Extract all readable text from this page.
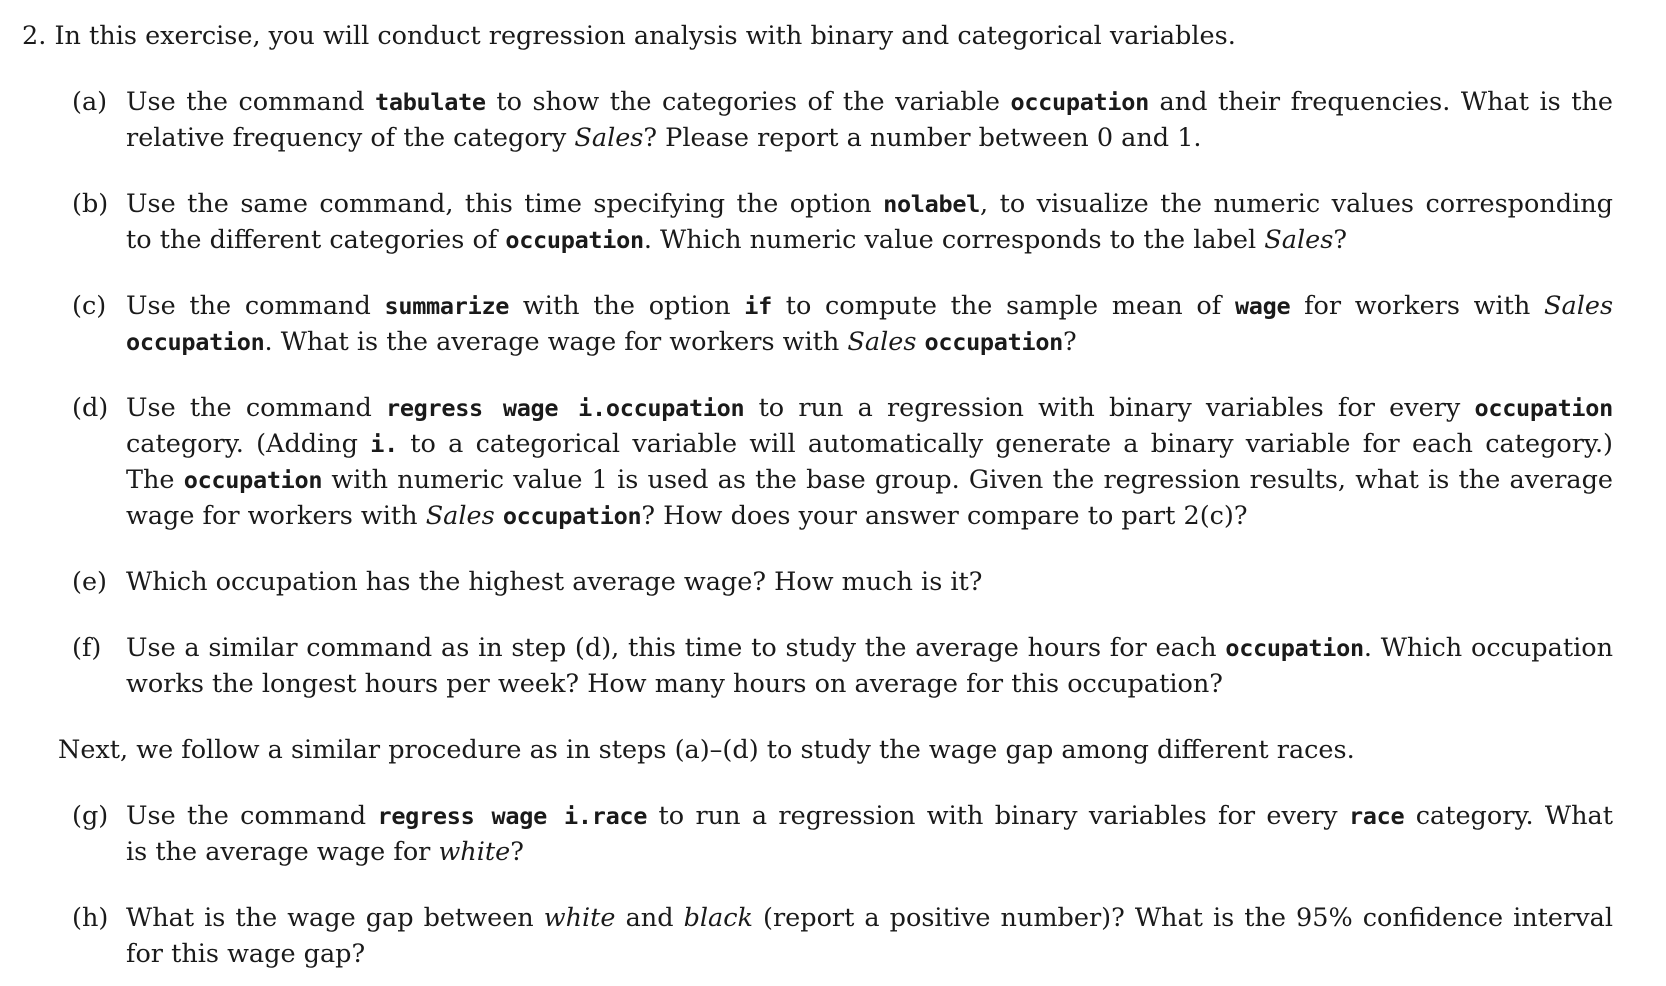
2. In this exercise, you will conduct regression analysis with binary and categorical variables.
(a) Use the command tabulate to show the categories of the variable occupation and their frequencies. What is the
relative frequency of the category Sales? Please report a number between 0 and 1.
(b) Use the same command, this time specifying the option nolabel, to visualize the numeric values corresponding
to the different categories of occupation. Which numeric value corresponds to the label Sales?
(c) Use the command summarize with the option if to compute the sample mean of wage for workers with Sales
occupation. What is the average wage for workers with Sales occupation?
(d) Use the command regress wage i.occupation to run a regression with binary variables for every occupation
category. (Adding i. to a categorical variable will automatically generate a binary variable for each category.)
The occupation with numeric value 1 is used as the base group. Given the regression results, what is the average
wage for workers with Sales occupation? How does your answer compare to part 2(c)?
(e) Which occupation has the highest average wage? How much is it?
(f) Use a similar command as in step (d), this time to study the average hours for each occupation. Which occupation
works the longest hours per week? How many hours on average for this occupation?
Next, we follow a similar procedure as in steps (a)–(d) to study the wage gap among different races.
(g) Use the command regress wage i.race to run a regression with binary variables for every race category. What
is the average wage for white?
(h) What is the wage gap between white and black (report a positive number)? What is the 95% confidence interval
for this wage gap?
